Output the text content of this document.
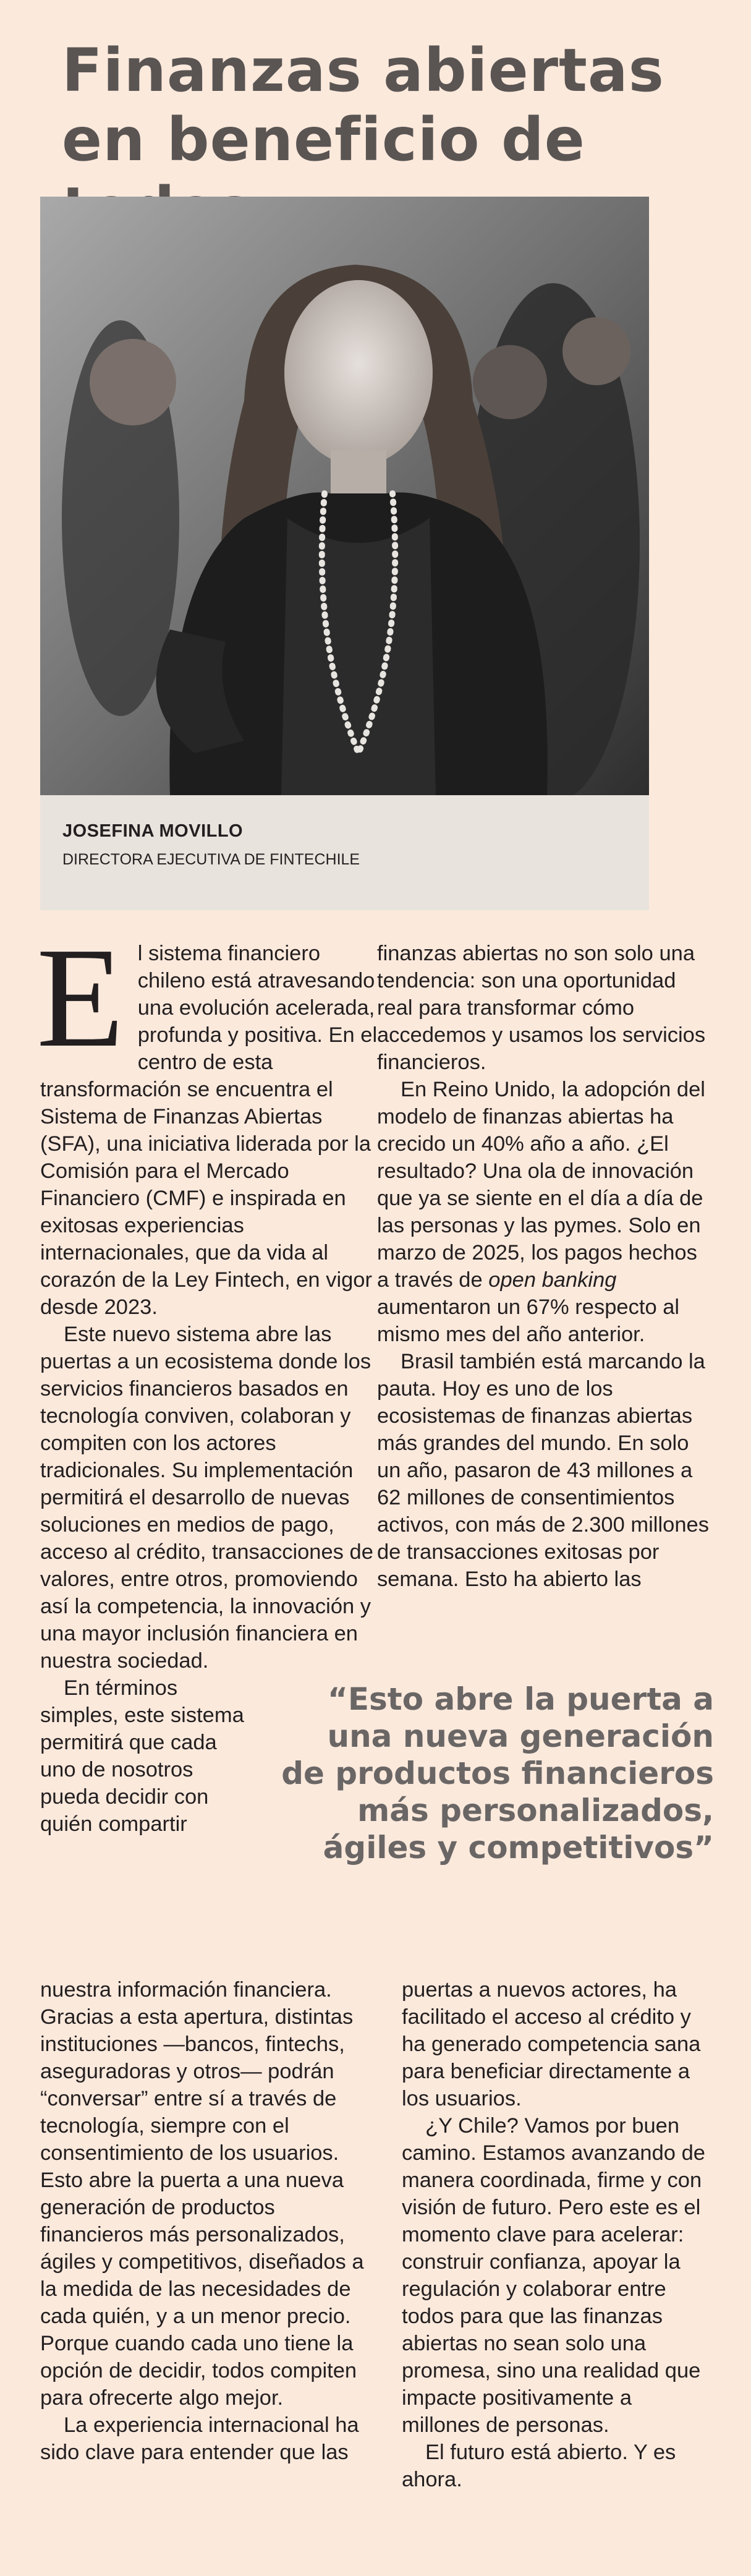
Finanzas abiertas
en beneficio de
JOSEFINA MOVILLO
DIRECTORA EJECUTIVA DE FINTECHILE

El sistema financiero chileno está atravesando una evolución acelerada, profunda y positiva. En el centro de esta transformación se encuentra el Sistema de Finanzas Abiertas (SFA), una iniciativa liderada por la Comisión para el Mercado Financiero (CMF) e inspirada en exitosas experiencias internacionales, que da vida al corazón de la Ley Fintech, en vigor desde 2023.

Este nuevo sistema abre las puertas a un ecosistema donde los servicios financieros basados en tecnología conviven, colaboran y compiten con los actores tradicionales. Su implementación permitirá el desarrollo de nuevas soluciones en medios de pago, acceso al crédito, transacciones de valores, entre otros, promoviendo así la competencia, la innovación y una mayor inclusión financiera en nuestra sociedad.

En términos simples, este sistema permitirá que cada uno de nosotros pueda decidir con quién compartir

nuestra información financiera. Gracias a esta apertura, distintas instituciones —bancos, fintechs, aseguradoras y otros— podrán “conversar” entre sí a través de tecnología, siempre con el consentimiento de los usuarios. Esto abre la puerta a una nueva generación de productos financieros más personalizados, ágiles y competitivos, diseñados a la medida de las necesidades de cada quién, y a un menor precio. Porque cuando cada uno tiene la opción de decidir, todos compiten para ofrecerte algo mejor.

La experiencia internacional ha sido clave para entender que las

finanzas abiertas no son solo una tendencia: son una oportunidad real para transformar cómo accedemos y usamos los servicios financieros.

En Reino Unido, la adopción del modelo de finanzas abiertas ha crecido un 40% año a año. ¿El resultado? Una ola de innovación que ya se siente en el día a día de las personas y las pymes. Solo en marzo de 2025, los pagos hechos a través de open banking aumentaron un 67% respecto al mismo mes del año anterior.

Brasil también está marcando la pauta. Hoy es uno de los ecosistemas de finanzas abiertas más grandes del mundo. En solo un año, pasaron de 43 millones a 62 millones de consentimientos activos, con más de 2.300 millones de transacciones exitosas por semana. Esto ha abierto las

“Esto abre la puerta a una nueva generación de productos financieros más personalizados, ágiles y competitivos”

puertas a nuevos actores, ha facilitado el acceso al crédito y ha generado competencia sana para beneficiar directamente a los usuarios.

¿Y Chile? Vamos por buen camino. Estamos avanzando de manera coordinada, firme y con visión de futuro. Pero este es el momento clave para acelerar: construir confianza, apoyar la regulación y colaborar entre todos para que las finanzas abiertas no sean solo una promesa, sino una realidad que impacte positivamente a millones de personas.

El futuro está abierto. Y es ahora.
